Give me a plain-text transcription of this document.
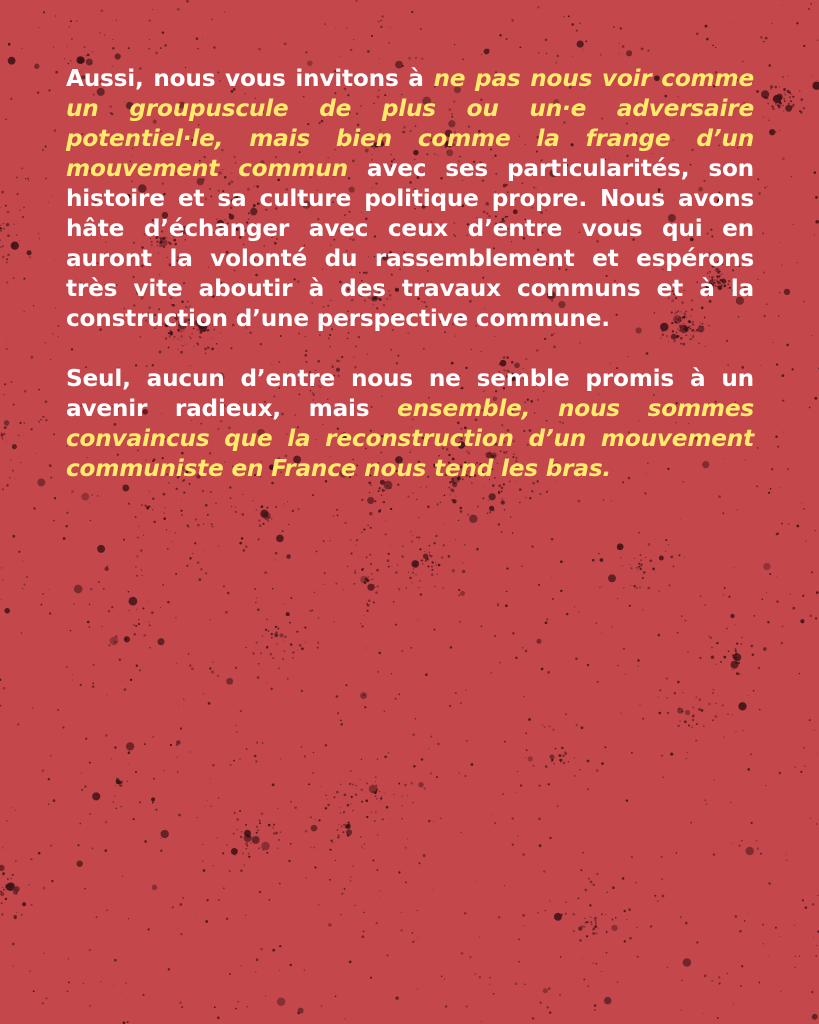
Aussi, nous vous invitons à ne pas nous voir comme un groupuscule de plus ou un·e adversaire potentiel·le, mais bien comme la frange d’un mouvement commun avec ses particularités, son histoire et sa culture politique propre. Nous avons hâte d’échanger avec ceux d’entre vous qui en auront la volonté du rassemblement et espérons très vite aboutir à des travaux communs et à la construction d’une perspective commune.

Seul, aucun d’entre nous ne semble promis à un avenir radieux, mais ensemble, nous sommes convaincus que la reconstruction d’un mouvement communiste en France nous tend les bras.
